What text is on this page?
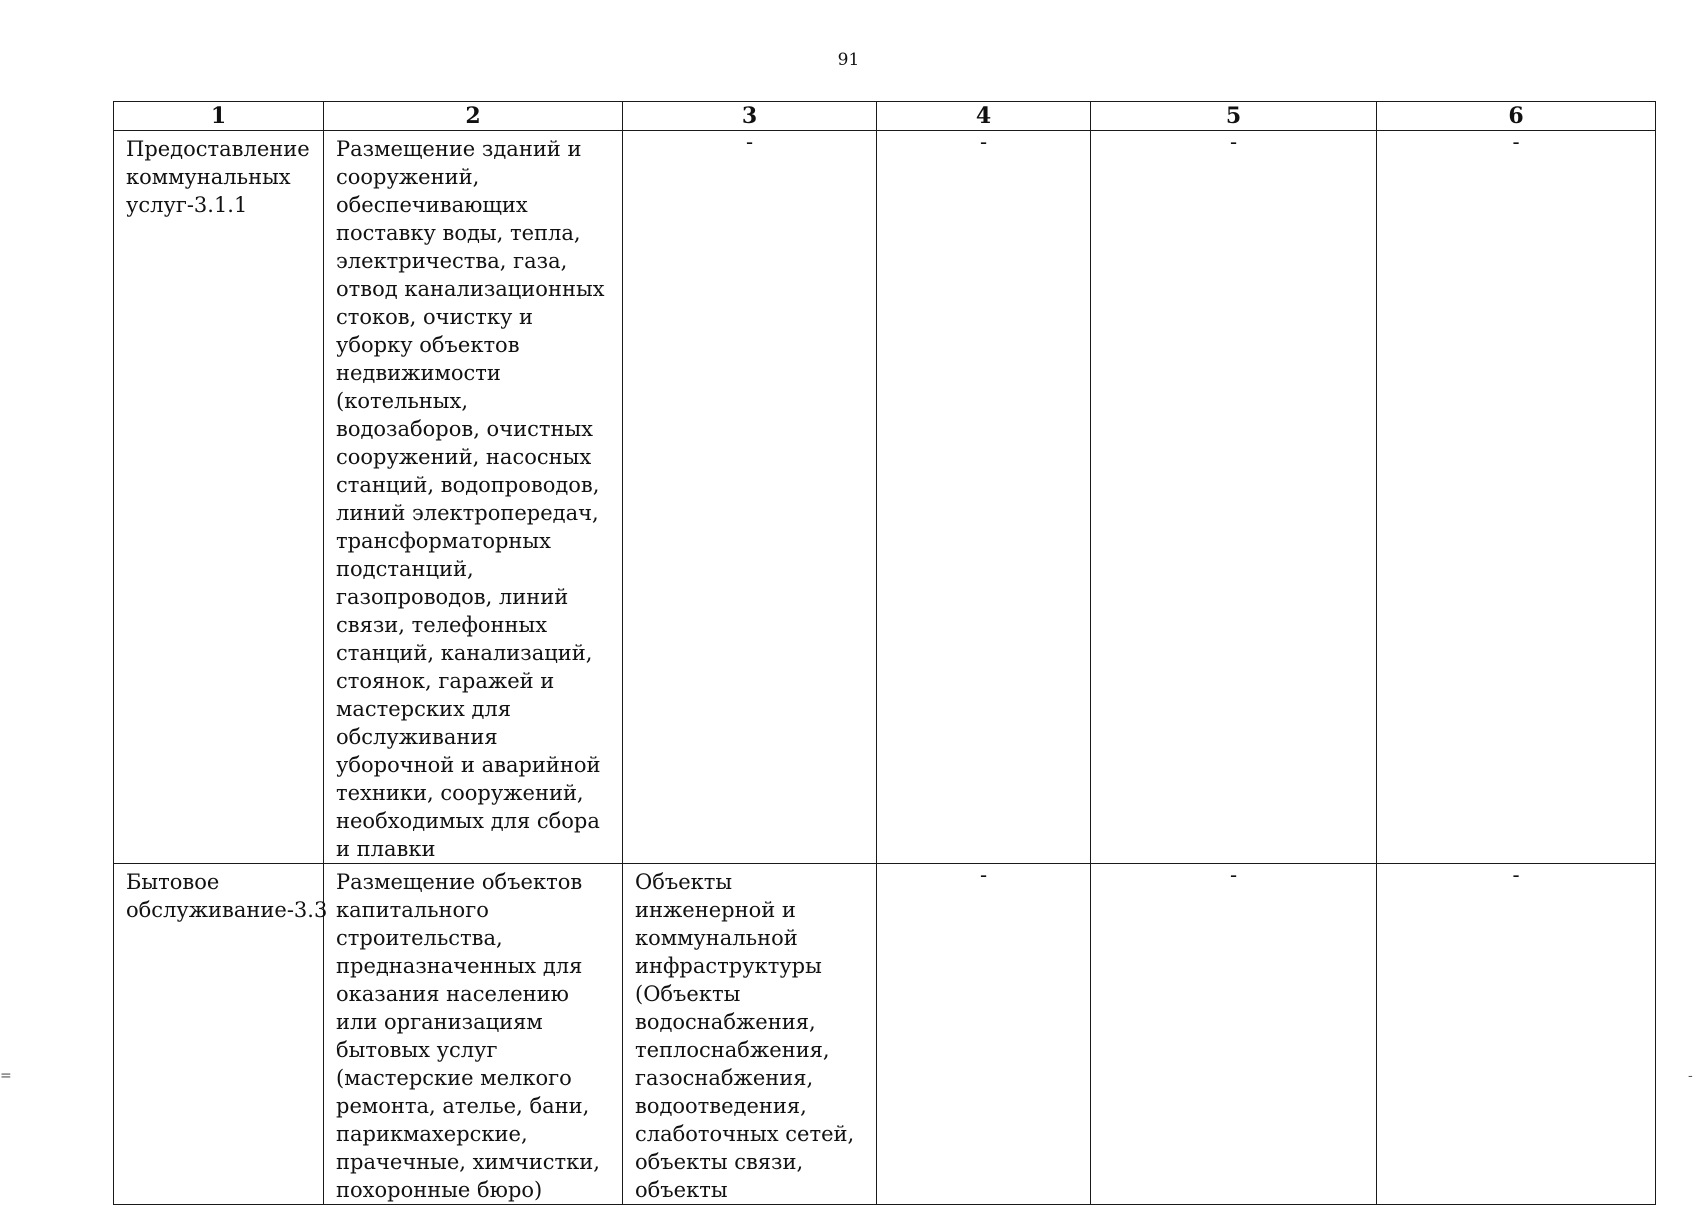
91
1	2	3	4	5	6
Предоставление коммунальных услуг-3.1.1	Размещение зданий и сооружений, обеспечивающих поставку воды, тепла, электричества, газа, отвод канализационных стоков, очистку и уборку объектов недвижимости (котельных, водозаборов, очистных сооружений, насосных станций, водопроводов, линий электропередач, трансформаторных подстанций, газопроводов, линий связи, телефонных станций, канализаций, стоянок, гаражей и мастерских для обслуживания уборочной и аварийной техники, сооружений, необходимых для сбора и плавки	-	-	-	-
Бытовое обслуживание-3.3	Размещение объектов капитального строительства, предназначенных для оказания населению или организациям бытовых услуг (мастерские мелкого ремонта, ателье, бани, парикмахерские, прачечные, химчистки, похоронные бюро)	Объекты инженерной и коммунальной инфраструктуры (Объекты водоснабжения, теплоснабжения, газоснабжения, водоотведения, слаботочных сетей, объекты связи, объекты	-	-	-
=	-
